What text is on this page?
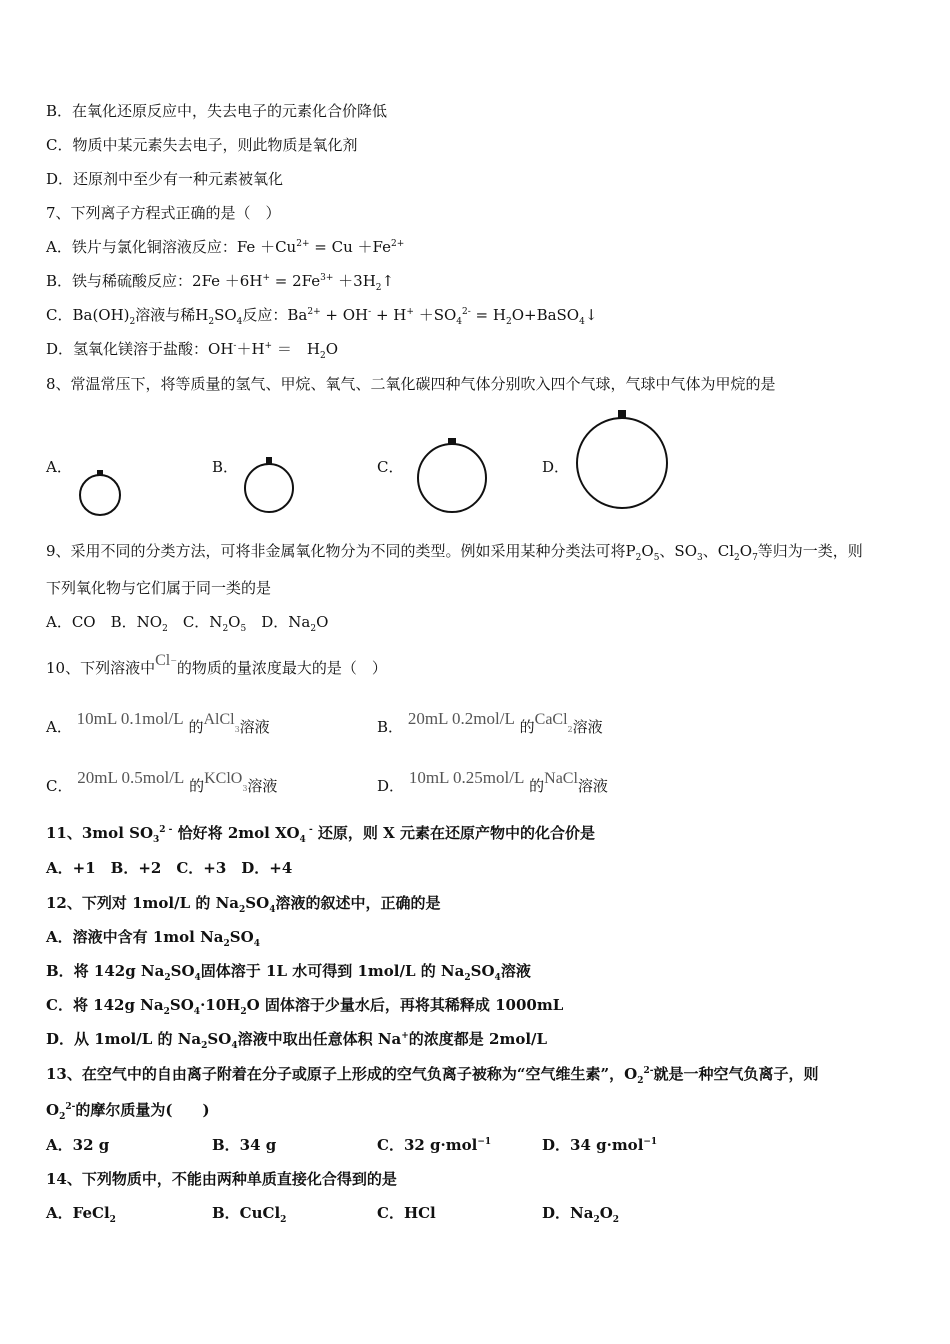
B．在氧化还原反应中，失去电子的元素化合价降低
C．物质中某元素失去电子，则此物质是氧化剂
D．还原剂中至少有一种元素被氧化
7、下列离子方程式正确的是（　）
A．铁片与氯化铜溶液反应：$Fe +Cu^{2+} = Cu +Fe^{2+}$
B．铁与稀硫酸反应：$2Fe +6H^+ = 2Fe^{3+}$ $+3H_2↑$
C．$Ba(OH)_2$溶液与稀$H_2SO_4$反应：$Ba^{2+} + OH^- + H^+ +SO_4^{2-}$ = $H_2O+BaSO_4↓$
D．氢氧化镁溶于盐酸：OH-＋H+ ＝　$H_2O$
8、常温常压下，将等质量的氢气、甲烷、氧气、二氧化碳四种气体分别吹入四个气球，气球中气体为甲烷的是
A．	B．	C．	D．
9、采用不同的分类方法，可将非金属氧化物分为不同的类型。例如采用某种分类法可将$P_2O_5$、$SO_3$、$Cl_2O_7$等归为一类，则
下列氧化物与它们属于同一类的是
A．CO　 B．$NO_2$　 C．$N_2O_5$　 D．$Na_2O$
10、下列溶液中Cl−的物质的量浓度最大的是（　）
A． 10mL 0.1mol/L 的AlCl3溶液	B． 20mL 0.2mol/L 的CaCl2溶液
C． 20mL 0.5mol/L 的KClO3溶液	D． 10mL 0.25mol/L 的NaCl溶液
11、3mol $SO_3^{2 -}$ 恰好将 2mol $XO_4$ - 还原，则 X 元素在还原产物中的化合价是
A．+1　B．+2　C．+3　D．+4
12、下列对 1mol/L 的 $Na_2SO_4$溶液的叙述中，正确的是
A．溶液中含有 1mol $Na_2SO_4$
B．将 142g $Na_2SO_4$固体溶于 1L 水可得到 1mol/L 的 $Na_2SO_4$溶液
C．将 142g $Na_2SO_4\cdot 10H_2O$ 固体溶于少量水后，再将其稀释成 1000mL
D．从 1mol/L 的 $Na_2SO_4$溶液中取出任意体积 Na+的浓度都是 2mol/L
13、在空气中的自由离子附着在分子或原子上形成的空气负离子被称为“空气维生素”，$O_2^{2-}$就是一种空气负离子，则
$O_2^{2-}$的摩尔质量为(　　)
A．32 g	B．34 g	C．32 g·mol$^{-1}$	D．34 g·mol$^{-1}$
14、下列物质中，不能由两种单质直接化合得到的是
A．FeCl$_2$	B．CuCl$_2$	C．HCl	D．$Na_2O_2$
